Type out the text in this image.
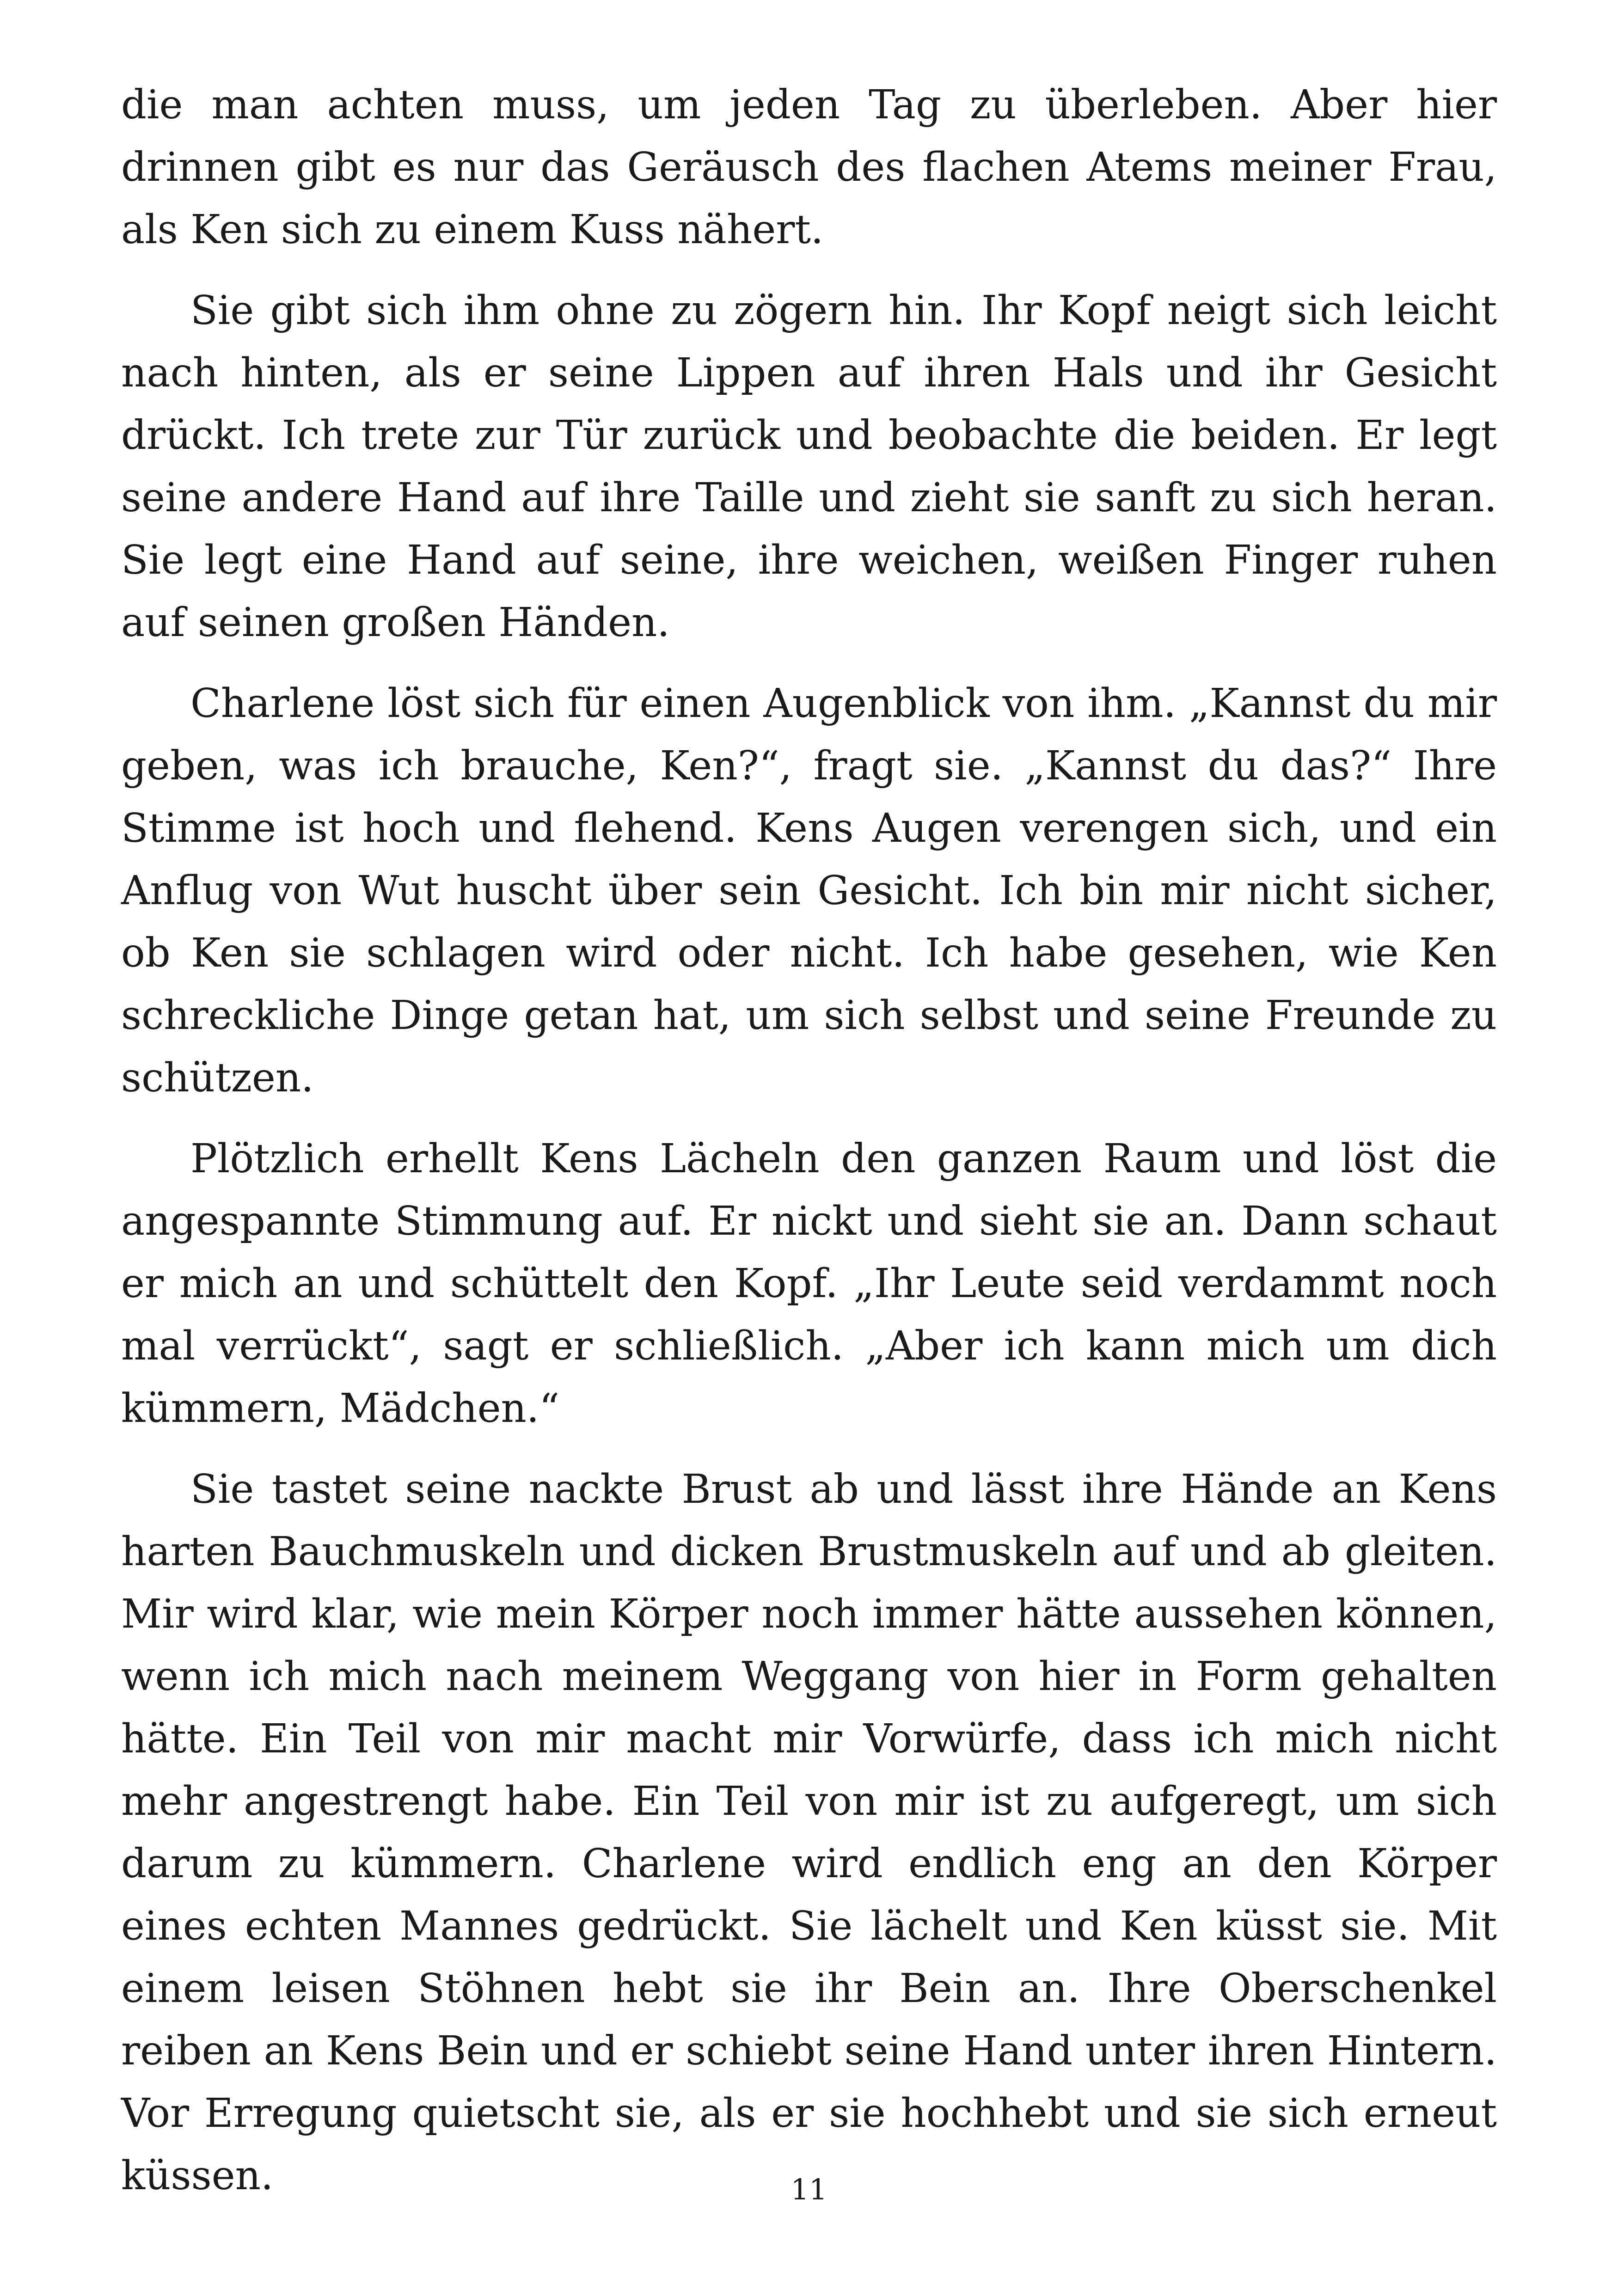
die man achten muss, um jeden Tag zu überleben. Aber hier drinnen gibt es nur das Geräusch des flachen Atems meiner Frau, als Ken sich zu einem Kuss nähert.

Sie gibt sich ihm ohne zu zögern hin. Ihr Kopf neigt sich leicht nach hinten, als er seine Lippen auf ihren Hals und ihr Gesicht drückt. Ich trete zur Tür zurück und beobachte die beiden. Er legt seine andere Hand auf ihre Taille und zieht sie sanft zu sich heran. Sie legt eine Hand auf seine, ihre weichen, weißen Finger ruhen auf seinen großen Händen.

Charlene löst sich für einen Augenblick von ihm. „Kannst du mir geben, was ich brauche, Ken?“, fragt sie. „Kannst du das?“ Ihre Stimme ist hoch und flehend. Kens Augen verengen sich, und ein Anflug von Wut huscht über sein Gesicht. Ich bin mir nicht sicher, ob Ken sie schlagen wird oder nicht. Ich habe gesehen, wie Ken schreckliche Dinge getan hat, um sich selbst und seine Freunde zu schützen.

Plötzlich erhellt Kens Lächeln den ganzen Raum und löst die angespannte Stimmung auf. Er nickt und sieht sie an. Dann schaut er mich an und schüttelt den Kopf. „Ihr Leute seid verdammt noch mal verrückt“, sagt er schließlich. „Aber ich kann mich um dich kümmern, Mädchen.“

Sie tastet seine nackte Brust ab und lässt ihre Hände an Kens harten Bauchmuskeln und dicken Brustmuskeln auf und ab gleiten. Mir wird klar, wie mein Körper noch immer hätte aussehen können, wenn ich mich nach meinem Weggang von hier in Form gehalten hätte. Ein Teil von mir macht mir Vorwürfe, dass ich mich nicht mehr angestrengt habe. Ein Teil von mir ist zu aufgeregt, um sich darum zu kümmern. Charlene wird endlich eng an den Körper eines echten Mannes gedrückt. Sie lächelt und Ken küsst sie. Mit einem leisen Stöhnen hebt sie ihr Bein an. Ihre Oberschenkel reiben an Kens Bein und er schiebt seine Hand unter ihren Hintern. Vor Erregung quietscht sie, als er sie hochhebt und sie sich erneut küssen.	11
